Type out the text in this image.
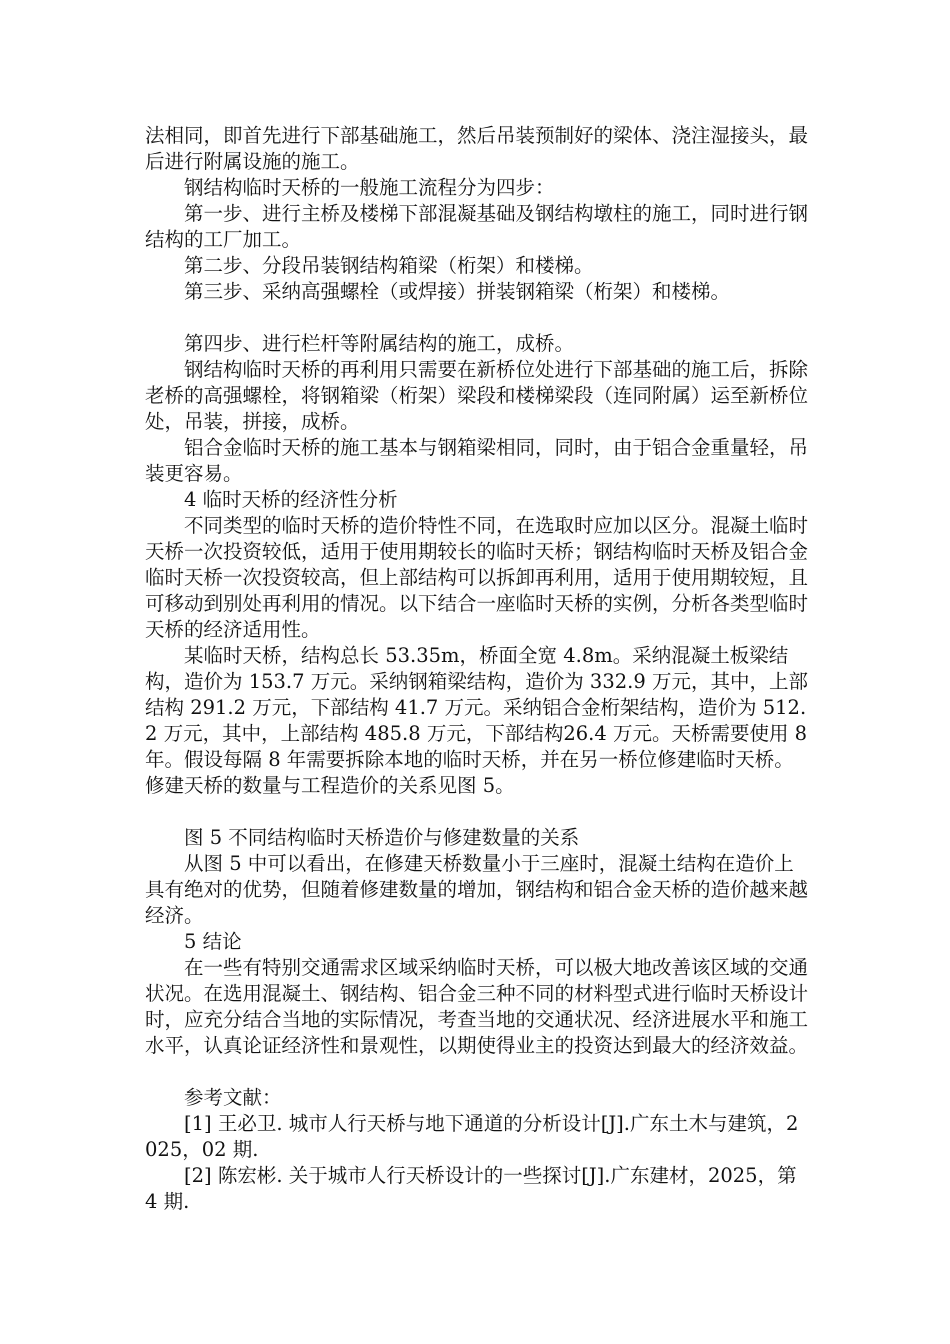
法相同，即首先进行下部基础施工，然后吊装预制好的梁体、浇注湿接头，最后进行附属设施的施工。

钢结构临时天桥的一般施工流程分为四步：

第一步、进行主桥及楼梯下部混凝基础及钢结构墩柱的施工，同时进行钢结构的工厂加工。

第二步、分段吊装钢结构箱梁（桁架）和楼梯。

第三步、采纳高强螺栓（或焊接）拼装钢箱梁（桁架）和楼梯。

第四步、进行栏杆等附属结构的施工，成桥。

钢结构临时天桥的再利用只需要在新桥位处进行下部基础的施工后，拆除老桥的高强螺栓，将钢箱梁（桁架）梁段和楼梯梁段（连同附属）运至新桥位处，吊装，拼接，成桥。

铝合金临时天桥的施工基本与钢箱梁相同，同时，由于铝合金重量轻，吊装更容易。

4 临时天桥的经济性分析

不同类型的临时天桥的造价特性不同，在选取时应加以区分。混凝土临时天桥一次投资较低，适用于使用期较长的临时天桥；钢结构临时天桥及铝合金临时天桥一次投资较高，但上部结构可以拆卸再利用，适用于使用期较短，且可移动到别处再利用的情况。以下结合一座临时天桥的实例，分析各类型临时天桥的经济适用性。

某临时天桥，结构总长 53.35m，桥面全宽 4.8m。采纳混凝土板梁结构，造价为 153.7 万元。采纳钢箱梁结构，造价为 332.9 万元，其中，上部结构 291.2 万元，下部结构 41.7 万元。采纳铝合金桁架结构，造价为 512.2 万元，其中，上部结构 485.8 万元，下部结构26.4 万元。天桥需要使用 8 年。假设每隔 8 年需要拆除本地的临时天桥，并在另一桥位修建临时天桥。修建天桥的数量与工程造价的关系见图 5。

图 5 不同结构临时天桥造价与修建数量的关系

从图 5 中可以看出，在修建天桥数量小于三座时，混凝土结构在造价上具有绝对的优势，但随着修建数量的增加，钢结构和铝合金天桥的造价越来越经济。

5 结论

在一些有特别交通需求区域采纳临时天桥，可以极大地改善该区域的交通状况。在选用混凝土、钢结构、铝合金三种不同的材料型式进行临时天桥设计时，应充分结合当地的实际情况，考查当地的交通状况、经济进展水平和施工水平，认真论证经济性和景观性，以期使得业主的投资达到最大的经济效益。

参考文献：

[1] 王必卫. 城市人行天桥与地下通道的分析设计[J].广东土木与建筑，2025，02 期.

[2] 陈宏彬. 关于城市人行天桥设计的一些探讨[J].广东建材，2025，第 4 期.
